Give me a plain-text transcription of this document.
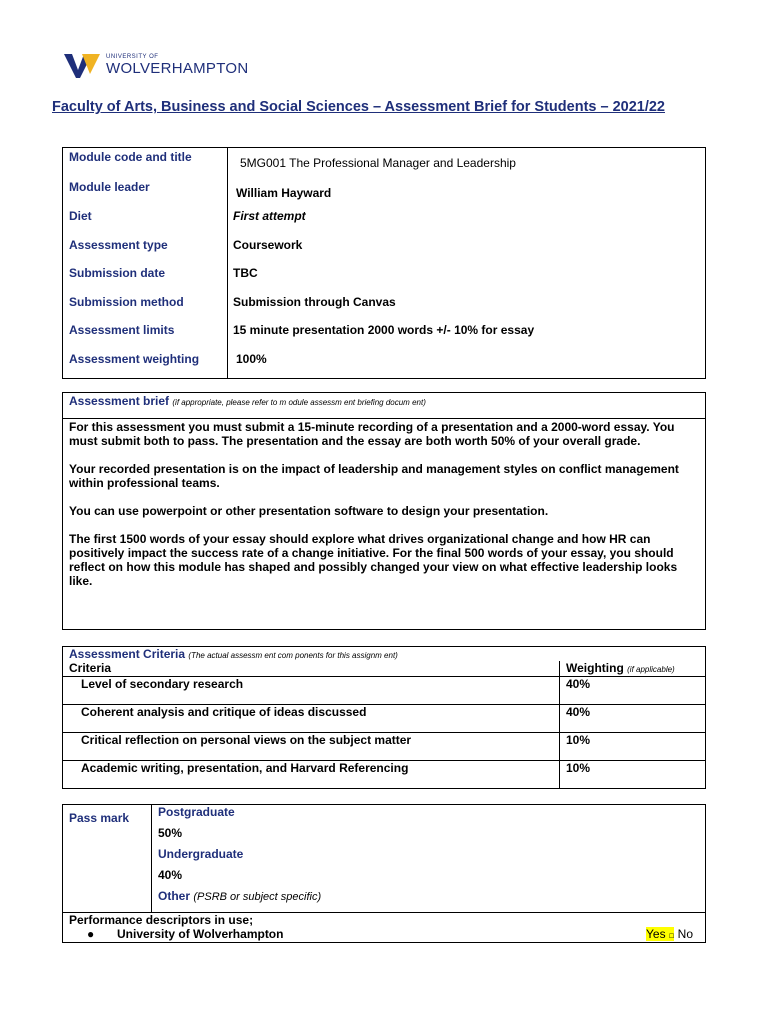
UNIVERSITY OF
WOLVERHAMPTON
Faculty of Arts, Business and Social Sciences – Assessment Brief for Students – 2021/22
Module code and title	5MG001 The Professional Manager and Leadership
Module leader	William Hayward
Diet	First attempt
Assessment type	Coursework
Submission date	TBC
Submission method	Submission through Canvas
Assessment limits	15 minute presentation 2000 words +/- 10% for essay
Assessment weighting	100%
Assessment brief (if appropriate, please refer to m odule assessm ent briefing docum ent)

For this assessment you must submit a 15-minute recording of a presentation and a 2000-word essay. You must submit both to pass. The presentation and the essay are both worth 50% of your overall grade.

Your recorded presentation is on the impact of leadership and management styles on conflict management within professional teams.

You can use powerpoint or other presentation software to design your presentation.

The first 1500 words of your essay should explore what drives organizational change and how HR can positively impact the success rate of a change initiative. For the final 500 words of your essay, you should reflect on how this module has shaped and possibly changed your view on what effective leadership looks like.

Assessment Criteria (The actual assessm ent com ponents for this assignm ent)	
Criteria	Weighting (if applicable)
Level of secondary research	40%
Coherent analysis and critique of ideas discussed	40%
Critical reflection on personal views on the subject matter	10%
Academic writing, presentation, and Harvard Referencing	10%
Pass mark	Postgraduate
50%
Undergraduate
40%
Other (PSRB or subject specific)

Performance descriptors in use;
● University of Wolverhampton	Yes ☐ No
